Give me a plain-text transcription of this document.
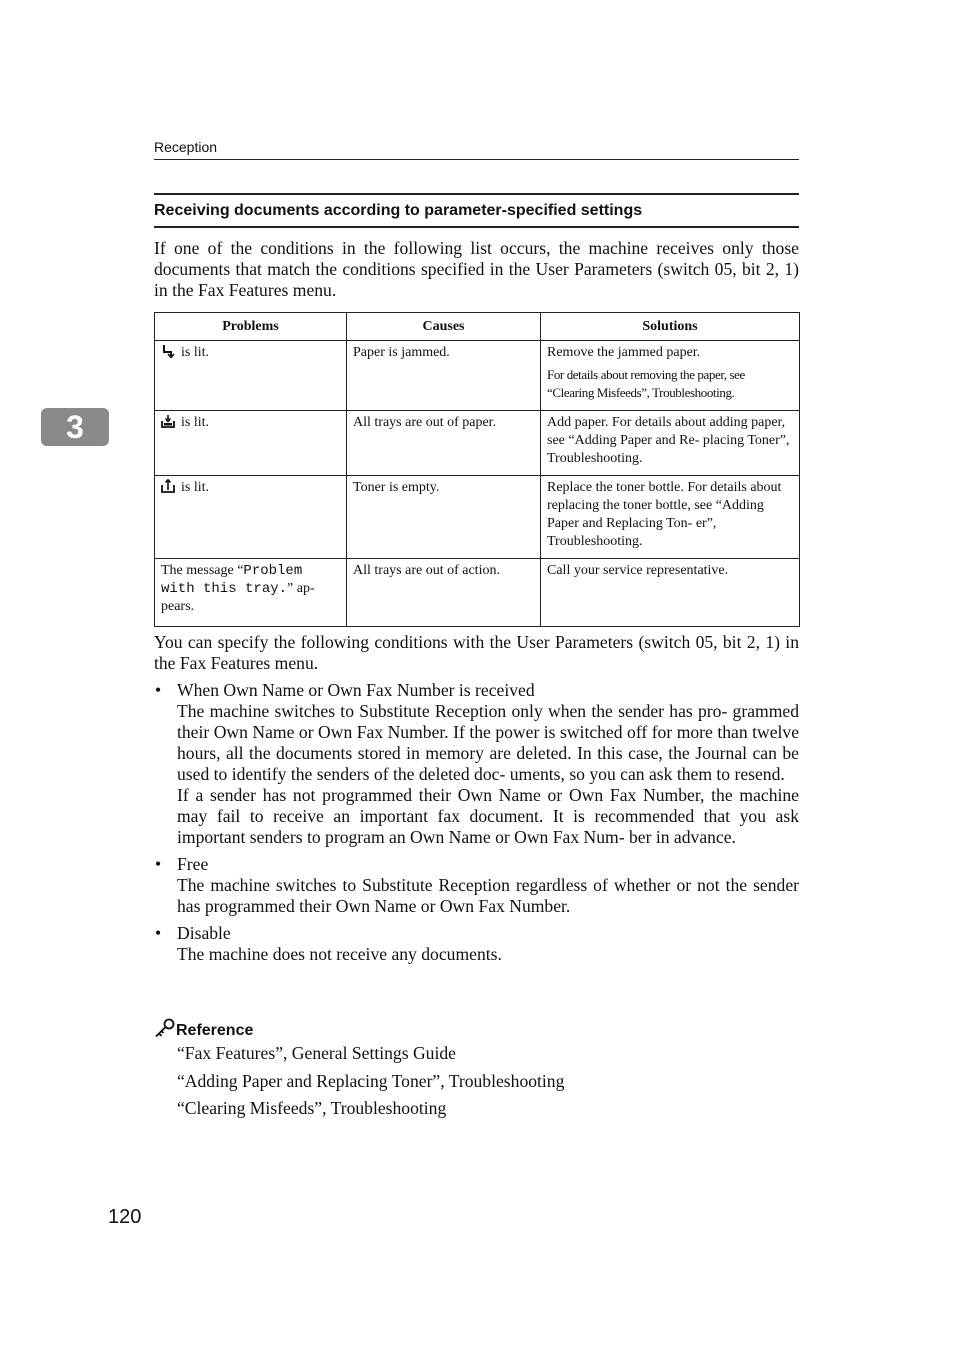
Reception
3
Receiving documents according to parameter-specified settings

If one of the conditions in the following list occurs, the machine receives only those documents that match the conditions specified in the User Parameters (switch 05, bit 2, 1) in the Fax Features menu.

Problems	Causes	Solutions
is lit.	Paper is jammed.	Remove the jammed paper.
For details about removing the paper, see “Clearing Misfeeds”, Troubleshooting.

is lit.	All trays are out of paper.	Add paper. For details about adding paper, see “Adding Paper and Re- placing Toner”, Troubleshooting.
is lit.	Toner is empty.	Replace the toner bottle. For details about replacing the toner bottle, see “Adding Paper and Replacing Ton- er”, Troubleshooting.
The message “Problem with this tray.” ap- pears.	All trays are out of action.	Call your service representative.

You can specify the following conditions with the User Parameters (switch 05, bit 2, 1) in the Fax Features menu.

• When Own Name or Own Fax Number is received

The machine switches to Substitute Reception only when the sender has pro- grammed their Own Name or Own Fax Number. If the power is switched off for more than twelve hours, all the documents stored in memory are deleted. In this case, the Journal can be used to identify the senders of the deleted doc- uments, so you can ask them to resend.

If a sender has not programmed their Own Name or Own Fax Number, the machine may fail to receive an important fax document. It is recommended that you ask important senders to program an Own Name or Own Fax Num- ber in advance.

• Free

The machine switches to Substitute Reception regardless of whether or not the sender has programmed their Own Name or Own Fax Number.

• Disable

The machine does not receive any documents.

Reference
“Fax Features”, General Settings Guide
“Adding Paper and Replacing Toner”, Troubleshooting
“Clearing Misfeeds”, Troubleshooting
120
